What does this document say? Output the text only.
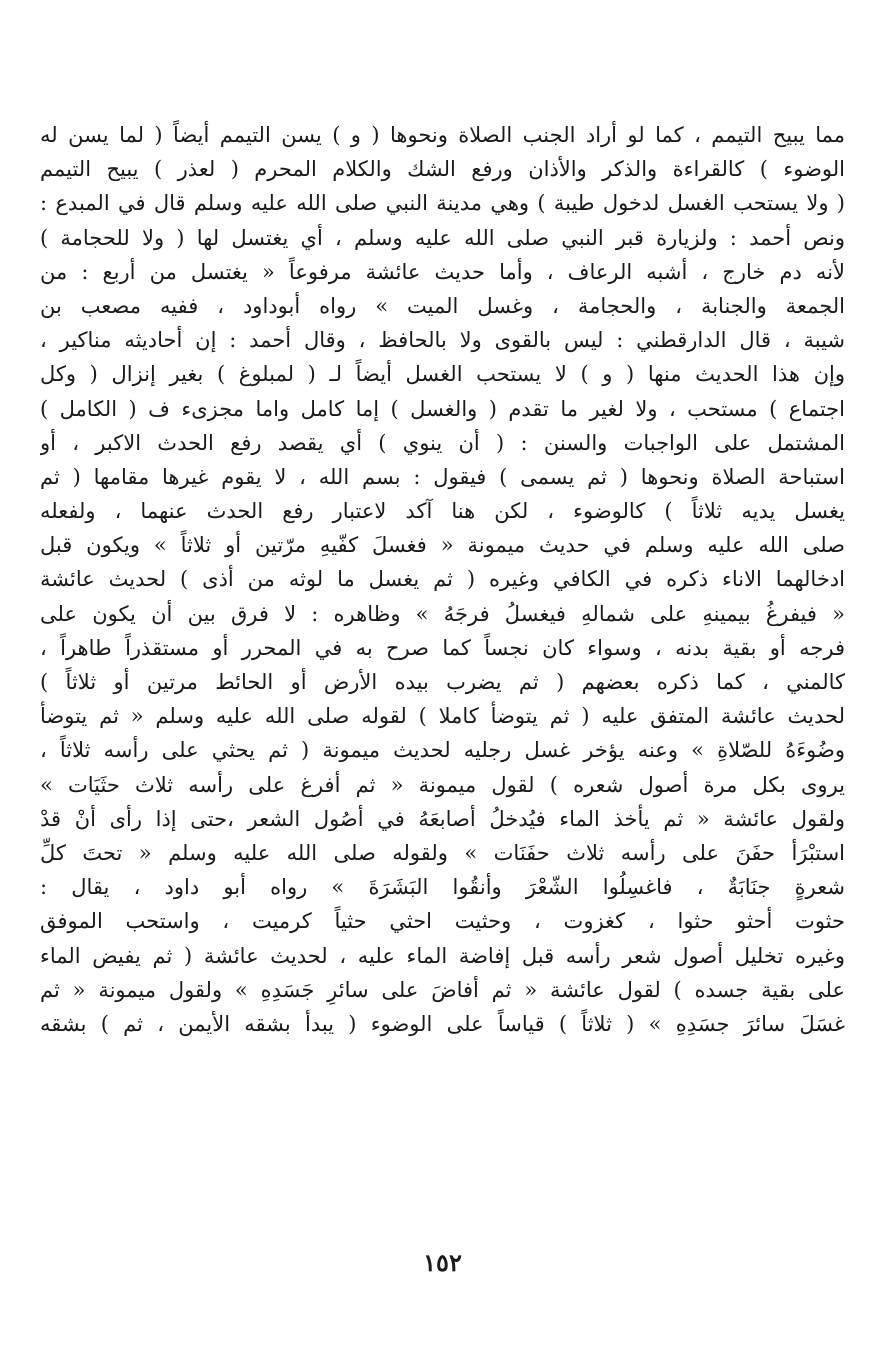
مما يبيح التيمم ، كما لو أراد الجنب الصلاة ونحوها ( و ) يسن التيمم أيضاً ( لما يسن له
الوضوء ) كالقراءة والذكر والأذان ورفع الشك والكلام المحرم ( لعذر ) يبيح التيمم
( ولا يستحب الغسل لدخول طيبة ) وهي مدينة النبي صلى الله عليه وسلم قال في المبدع :
ونص أحمد : ولزيارة قبر النبي صلى الله عليه وسلم ، أي يغتسل لها ( ولا للحجامة )
لأنه دم خارج ، أشبه الرعاف ، وأما حديث عائشة مرفوعاً « يغتسل من أربع : من
الجمعة والجنابة ، والحجامة ، وغسل الميت » رواه أبوداود ، ففيه مصعب بن
شيبة ، قال الدارقطني : ليس بالقوى ولا بالحافظ ، وقال أحمد : إن أحاديثه مناكير ،
وإن هذا الحديث منها ( و ) لا يستحب الغسل أيضاً لـ ( لمبلوغ ) بغير إنزال ( وكل
اجتماع ) مستحب ، ولا لغير ما تقدم ( والغسل ) إما كامل واما مجزىء ف ( الكامل )
المشتمل على الواجبات والسنن : ( أن ينوي ) أي يقصد رفع الحدث الاكبر ، أو
استباحة الصلاة ونحوها ( ثم يسمى ) فيقول : بسم الله ، لا يقوم غيرها مقامها ( ثم
يغسل يديه ثلاثاً ) كالوضوء ، لكن هنا آكد لاعتبار رفع الحدث عنهما ، ولفعله
صلى الله عليه وسلم في حديث ميمونة « فغسلَ كفّيهِ مرّتين أو ثلاثاً » ويكون قبل
ادخالهما الاناء ذكره في الكافي وغيره ( ثم يغسل ما لوثه من أذى ) لحديث عائشة
« فيفرغُ بيمينهِ على شمالهِ فيغسلُ فرجَهُ » وظاهره : لا فرق بين أن يكون على
فرجه أو بقية بدنه ، وسواء كان نجساً كما صرح به في المحرر أو مستقذراً طاهراً ،
كالمني ، كما ذكره بعضهم ( ثم يضرب بيده الأرض أو الحائط مرتين أو ثلاثاً )
لحديث عائشة المتفق عليه ( ثم يتوضأ كاملا ) لقوله صلى الله عليه وسلم « ثم يتوضأ
وضُوءَهُ للصّلاةِ » وعنه يؤخر غسل رجليه لحديث ميمونة ( ثم يحثي على رأسه ثلاثاً ،
يروى بكل مرة أصول شعره ) لقول ميمونة « ثم أفرغ على رأسه ثلاث حثَيَات »
ولقول عائشة « ثم يأخذ الماء فيُدخلُ أصابعَهُ في أصُول الشعر ،حتى إذا رأى أنْ قدْ
استبْرَأ حفَنَ على رأسه ثلاث حفَنَات » ولقوله صلى الله عليه وسلم « تحتَ كلِّ
شعرةٍ جنَابَةٌ ، فاغسِلُوا الشّعْرَ وأنقُوا البَشَرَةَ » رواه أبو داود ، يقال :
حثوت أحثو حثوا ، كغزوت ، وحثيت احثي حثياً كرميت ، واستحب الموفق
وغيره تخليل أصول شعر رأسه قبل إفاضة الماء عليه ، لحديث عائشة ( ثم يفيض الماء
على بقية جسده ) لقول عائشة « ثم أفاضَ على سائرِ جَسَدِهِ » ولقول ميمونة « ثم
غسَلَ سائرَ جسَدِهِ » ( ثلاثاً ) قياساً على الوضوء ( يبدأ بشقه الأيمن ، ثم ) بشقه
١٥٢
